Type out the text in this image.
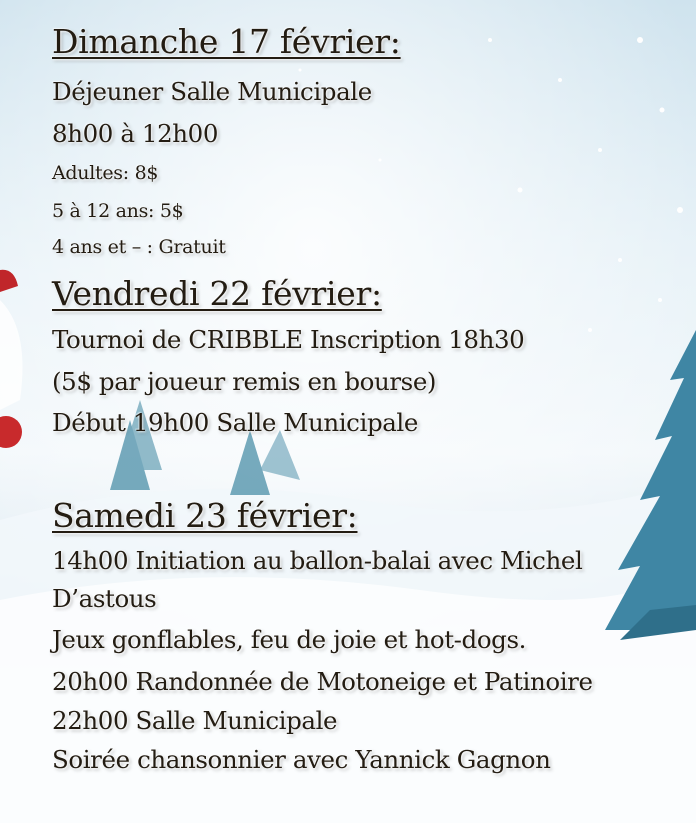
Dimanche 17 février:
Déjeuner Salle Municipale
8h00 à 12h00
Adultes: 8$
5 à 12 ans: 5$
4 ans et – : Gratuit
Vendredi 22 février:
Tournoi de CRIBBLE Inscription 18h30
(5$ par joueur remis en bourse)
Début 19h00 Salle Municipale
Samedi 23 février:
14h00 Initiation au ballon-balai avec Michel
D’astous
Jeux gonflables, feu de joie et hot-dogs.
20h00 Randonnée de Motoneige et Patinoire
22h00 Salle Municipale
Soirée chansonnier avec Yannick Gagnon
